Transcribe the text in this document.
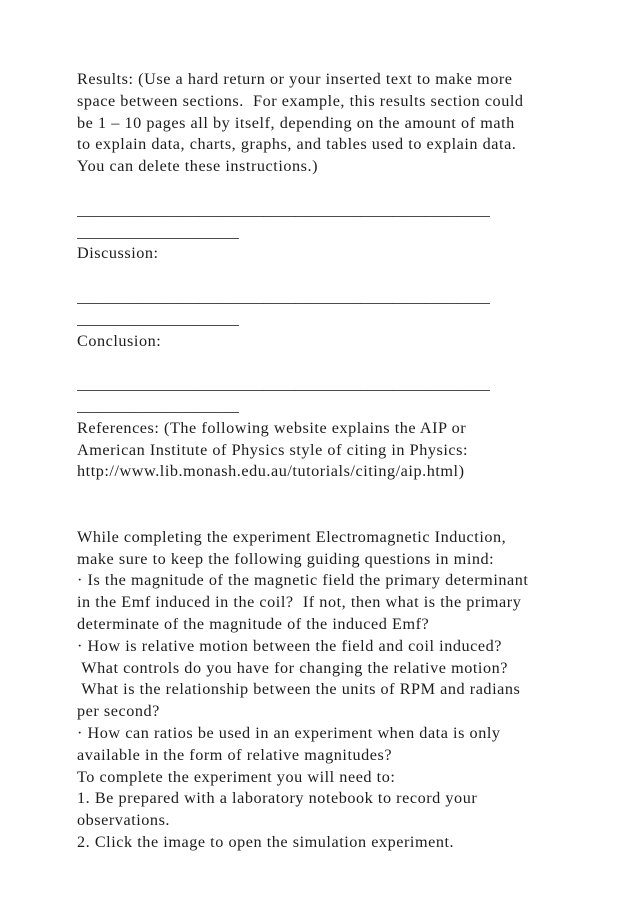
Results: (Use a hard return or your inserted text to make more
space between sections.  For example, this results section could
be 1 – 10 pages all by itself, depending on the amount of math
to explain data, charts, graphs, and tables used to explain data.
You can delete these instructions.)
___________________________________________________
____________________
Discussion:
___________________________________________________
____________________
Conclusion:
___________________________________________________
____________________
References: (The following website explains the AIP or
American Institute of Physics style of citing in Physics:
http://www.lib.monash.edu.au/tutorials/citing/aip.html)
While completing the experiment Electromagnetic Induction,
make sure to keep the following guiding questions in mind:
· Is the magnitude of the magnetic field the primary determinant
in the Emf induced in the coil?  If not, then what is the primary
determinate of the magnitude of the induced Emf?
· How is relative motion between the field and coil induced?
What controls do you have for changing the relative motion?
What is the relationship between the units of RPM and radians
per second?
· How can ratios be used in an experiment when data is only
available in the form of relative magnitudes?
To complete the experiment you will need to:
1. Be prepared with a laboratory notebook to record your
observations.
2. Click the image to open the simulation experiment.
